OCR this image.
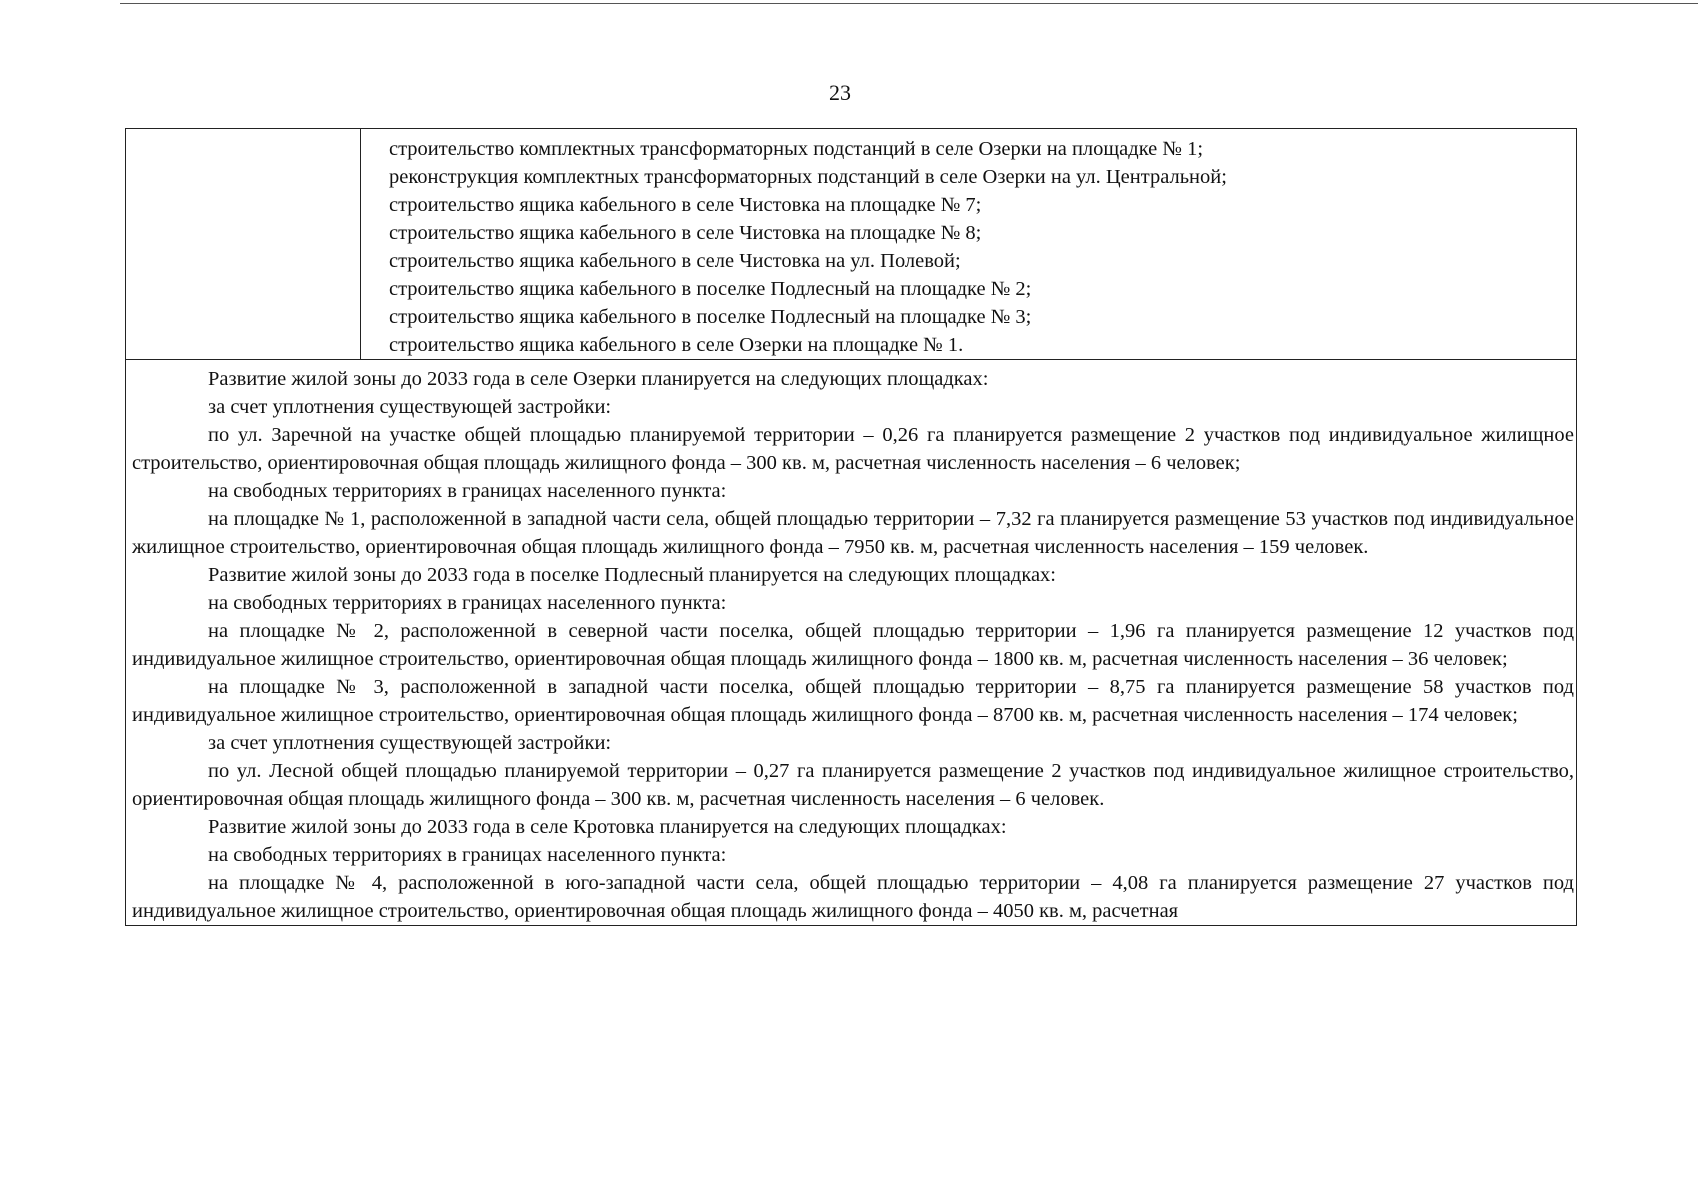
23
строительство комплектных трансформаторных подстанций в селе Озерки на площадке № 1;
реконструкция комплектных трансформаторных подстанций в селе Озерки на ул. Центральной;
строительство ящика кабельного в селе Чистовка на площадке № 7;
строительство ящика кабельного в селе Чистовка на площадке № 8;
строительство ящика кабельного в селе Чистовка на ул. Полевой;
строительство ящика кабельного в поселке Подлесный на площадке № 2;
строительство ящика кабельного в поселке Подлесный на площадке № 3;
строительство ящика кабельного в селе Озерки на площадке № 1.
Развитие жилой зоны до 2033 года в селе Озерки планируется на следующих площадках:
за счет уплотнения существующей застройки:
по ул. Заречной на участке общей площадью планируемой территории – 0,26 га планируется размещение 2 участков под индивидуальное жилищное строительство, ориентировочная общая площадь жилищного фонда – 300 кв. м, расчетная численность населения – 6 человек;
на свободных территориях в границах населенного пункта:
на площадке № 1, расположенной в западной части села, общей площадью территории – 7,32 га планируется размещение 53 участков под индивидуальное жилищное строительство, ориентировочная общая площадь жилищного фонда – 7950 кв. м, расчетная численность населения – 159 человек.
Развитие жилой зоны до 2033 года в поселке Подлесный планируется на следующих площадках:
на свободных территориях в границах населенного пункта:
на площадке № 2, расположенной в северной части поселка, общей площадью территории – 1,96 га планируется размещение 12 участков под индивидуальное жилищное строительство, ориентировочная общая площадь жилищного фонда – 1800 кв. м, расчетная численность населения – 36 человек;
на площадке № 3, расположенной в западной части поселка, общей площадью территории – 8,75 га планируется размещение 58 участков под индивидуальное жилищное строительство, ориентировочная общая площадь жилищного фонда – 8700 кв. м, расчетная численность населения – 174 человек;
за счет уплотнения существующей застройки:
по ул. Лесной общей площадью планируемой территории – 0,27 га планируется размещение 2 участков под индивидуальное жилищное строительство, ориентировочная общая площадь жилищного фонда – 300 кв. м, расчетная численность населения – 6 человек.
Развитие жилой зоны до 2033 года в селе Кротовка планируется на следующих площадках:
на свободных территориях в границах населенного пункта:
на площадке № 4, расположенной в юго-западной части села, общей площадью территории – 4,08 га планируется размещение 27 участков под индивидуальное жилищное строительство, ориентировочная общая площадь жилищного фонда – 4050 кв. м, расчетная
